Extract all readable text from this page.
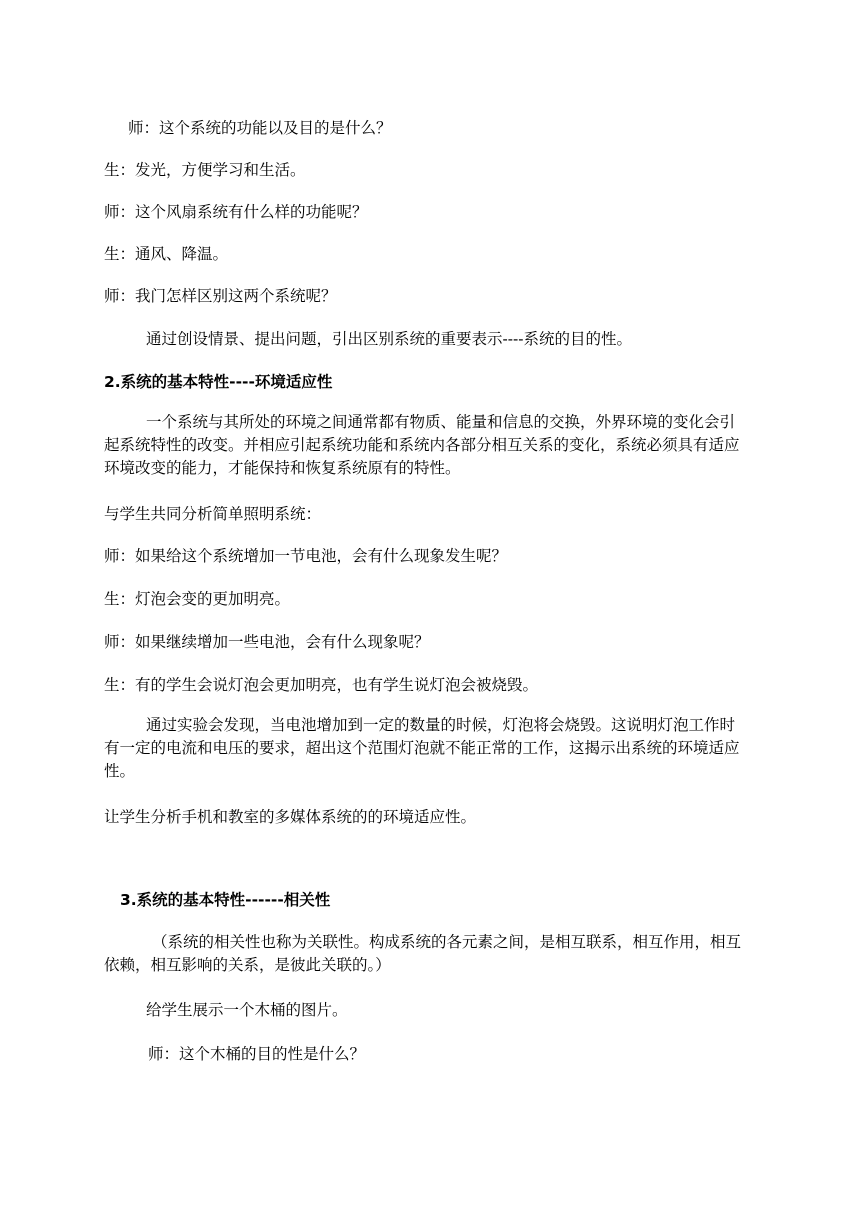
师：这个系统的功能以及目的是什么？

生：发光，方便学习和生活。

师：这个风扇系统有什么样的功能呢？

生：通风、降温。

师：我门怎样区别这两个系统呢？

通过创设情景、提出问题，引出区别系统的重要表示----系统的目的性。

2.系统的基本特性----环境适应性

一个系统与其所处的环境之间通常都有物质、能量和信息的交换，外界环境的变化会引起系统特性的改变。并相应引起系统功能和系统内各部分相互关系的变化，系统必须具有适应环境改变的能力，才能保持和恢复系统原有的特性。

与学生共同分析简单照明系统：

师：如果给这个系统增加一节电池，会有什么现象发生呢？

生：灯泡会变的更加明亮。

师：如果继续增加一些电池，会有什么现象呢？

生：有的学生会说灯泡会更加明亮，也有学生说灯泡会被烧毁。

通过实验会发现，当电池增加到一定的数量的时候，灯泡将会烧毁。这说明灯泡工作时有一定的电流和电压的要求，超出这个范围灯泡就不能正常的工作，这揭示出系统的环境适应性。

让学生分析手机和教室的多媒体系统的的环境适应性。

3.系统的基本特性------相关性

（系统的相关性也称为关联性。构成系统的各元素之间，是相互联系，相互作用，相互依赖，相互影响的关系，是彼此关联的。）

给学生展示一个木桶的图片。

师：这个木桶的目的性是什么？
